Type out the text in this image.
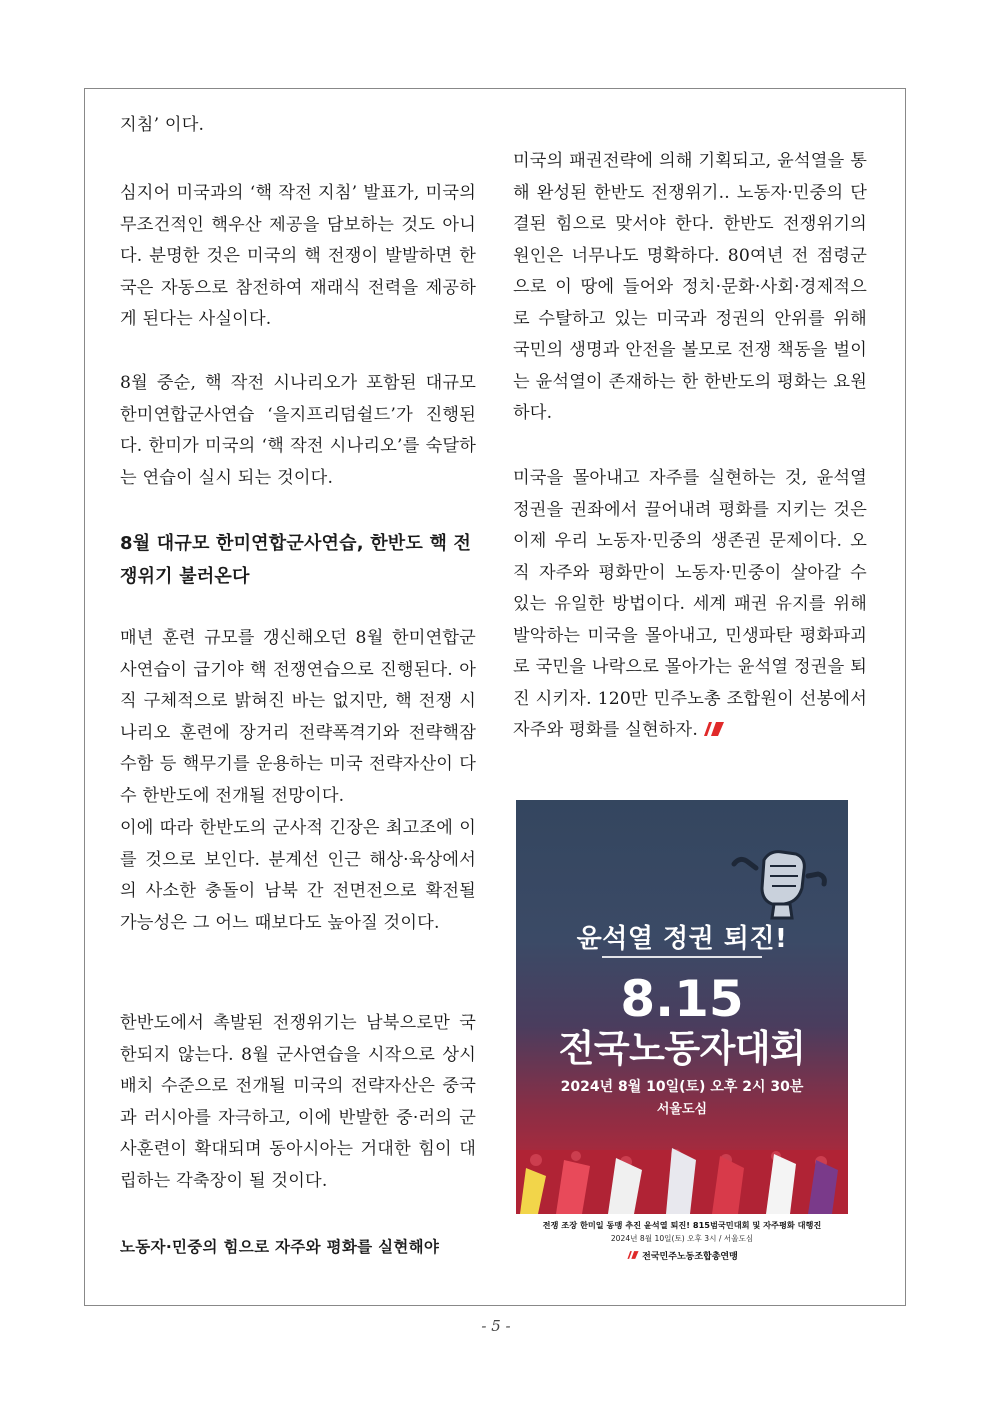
지침’ 이다.

심지어 미국과의 ‘핵 작전 지침’ 발표가, 미국의 무조건적인 핵우산 제공을 담보하는 것도 아니다. 분명한 것은 미국의 핵 전쟁이 발발하면 한국은 자동으로 참전하여 재래식 전력을 제공하게 된다는 사실이다.

8월 중순, 핵 작전 시나리오가 포함된 대규모 한미연합군사연습 ‘을지프리덤쉴드’가 진행된다. 한미가 미국의 ‘핵 작전 시나리오’를 숙달하는 연습이 실시 되는 것이다.

8월 대규모 한미연합군사연습, 한반도 핵 전쟁위기 불러온다

매년 훈련 규모를 갱신해오던 8월 한미연합군사연습이 급기야 핵 전쟁연습으로 진행된다. 아직 구체적으로 밝혀진 바는 없지만, 핵 전쟁 시나리오 훈련에 장거리 전략폭격기와 전략핵잠수함 등 핵무기를 운용하는 미국 전략자산이 다수 한반도에 전개될 전망이다.

이에 따라 한반도의 군사적 긴장은 최고조에 이를 것으로 보인다. 분계선 인근 해상·육상에서의 사소한 충돌이 남북 간 전면전으로 확전될 가능성은 그 어느 때보다도 높아질 것이다.

한반도에서 촉발된 전쟁위기는 남북으로만 국한되지 않는다. 8월 군사연습을 시작으로 상시 배치 수준으로 전개될 미국의 전략자산은 중국과 러시아를 자극하고, 이에 반발한 중·러의 군사훈련이 확대되며 동아시아는 거대한 힘이 대립하는 각축장이 될 것이다.

노동자·민중의 힘으로 자주와 평화를 실현해야

미국의 패권전략에 의해 기획되고, 윤석열을 통해 완성된 한반도 전쟁위기.. 노동자·민중의 단결된 힘으로 맞서야 한다. 한반도 전쟁위기의 원인은 너무나도 명확하다. 80여년 전 점령군으로 이 땅에 들어와 정치·문화·사회·경제적으로 수탈하고 있는 미국과 정권의 안위를 위해 국민의 생명과 안전을 볼모로 전쟁 책동을 벌이는 윤석열이 존재하는 한 한반도의 평화는 요원하다.

미국을 몰아내고 자주를 실현하는 것, 윤석열 정권을 권좌에서 끌어내려 평화를 지키는 것은 이제 우리 노동자·민중의 생존권 문제이다. 오직 자주와 평화만이 노동자·민중이 살아갈 수 있는 유일한 방법이다. 세계 패권 유지를 위해 발악하는 미국을 몰아내고, 민생파탄 평화파괴로 국민을 나락으로 몰아가는 윤석열 정권을 퇴진 시키자. 120만 민주노총 조합원이 선봉에서 자주와 평화를 실현하자.

윤석열 정권 퇴진!
8.15
전국노동자대회
2024년 8월 10일(토) 오후 2시 30분
서울도심
전쟁 조장 한미일 동맹 추진 윤석열 퇴진! 815범국민대회 및 자주평화 대행진
2024년 8월 10일(토) 오후 3시 / 서울도심
전국민주노동조합총연맹
- 5 -
